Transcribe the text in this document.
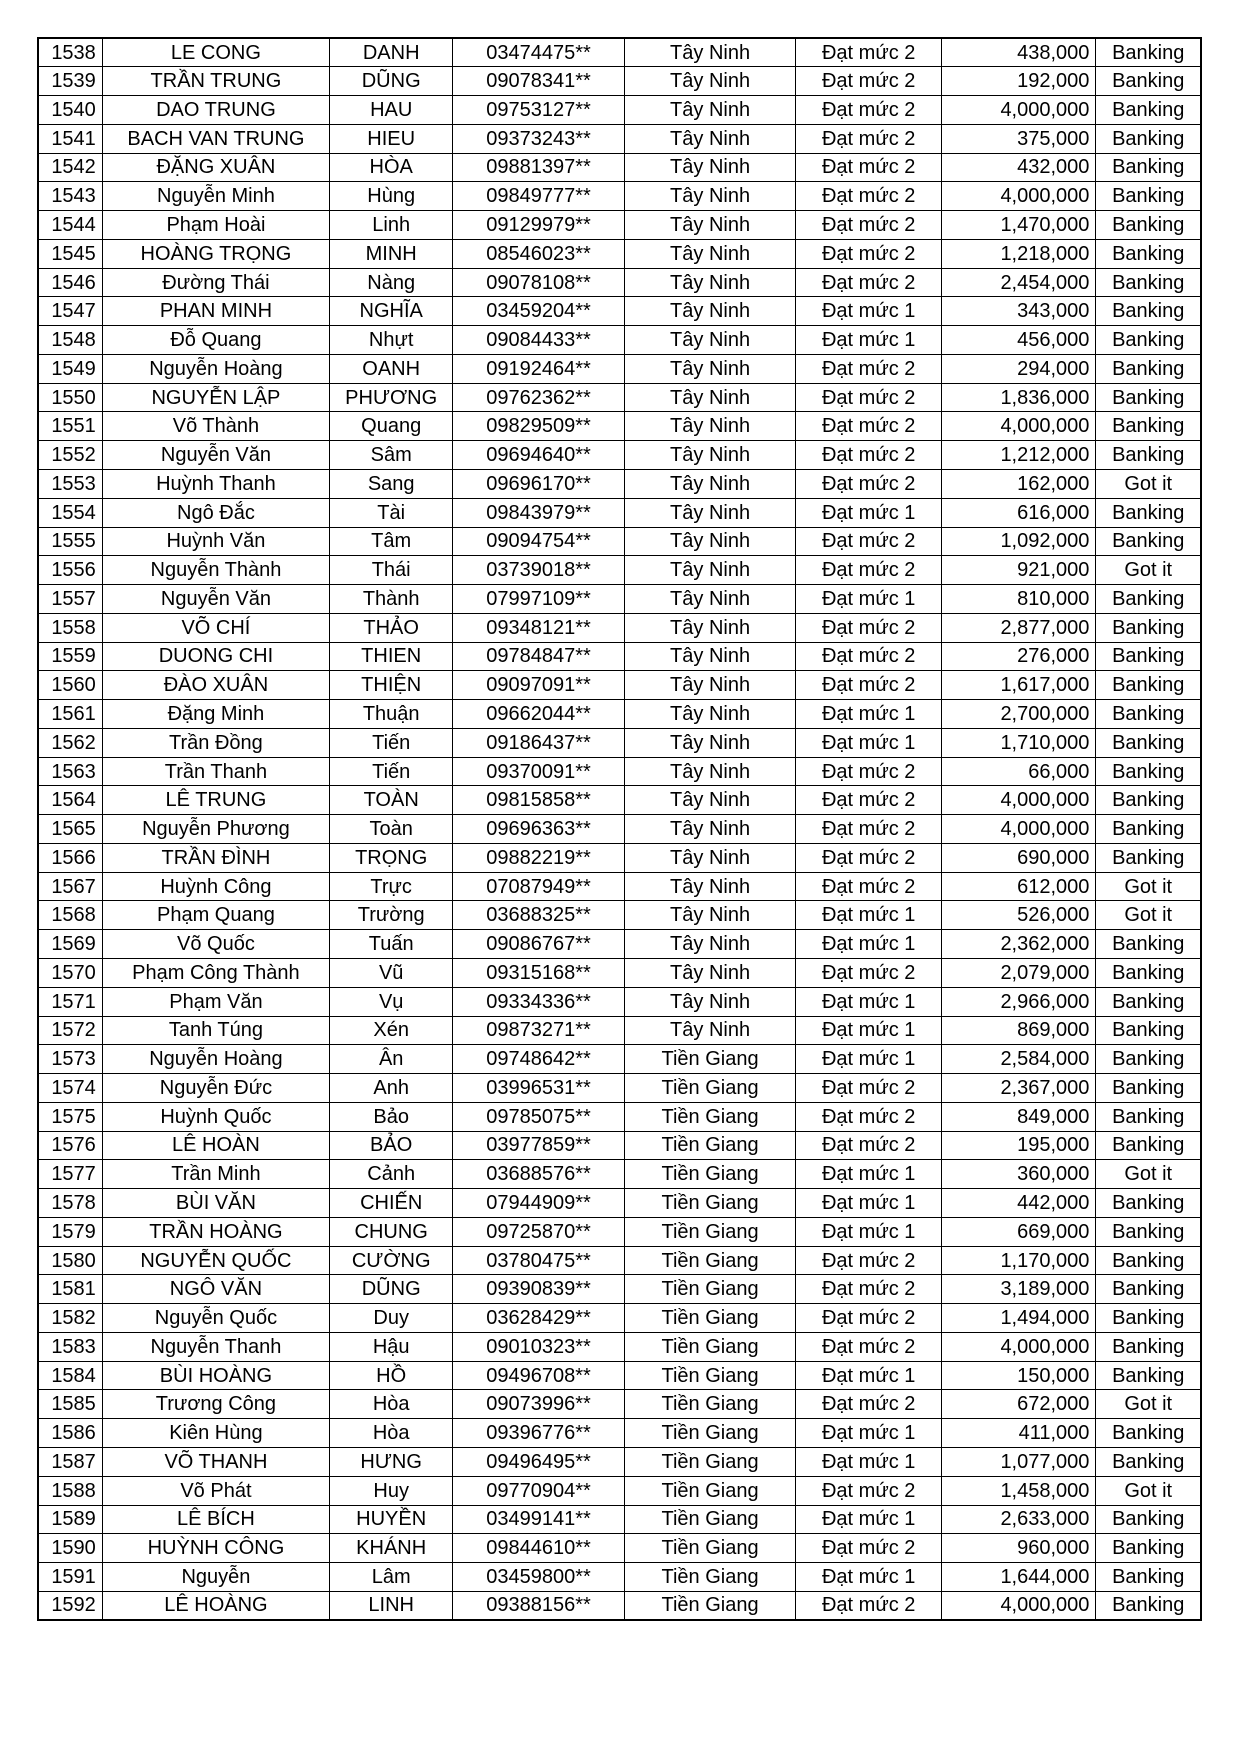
1538	LE CONG	DANH	03474475**	Tây Ninh	Đạt mức 2	438,000	Banking
1539	TRẦN TRUNG	DŨNG	09078341**	Tây Ninh	Đạt mức 2	192,000	Banking
1540	DAO TRUNG	HAU	09753127**	Tây Ninh	Đạt mức 2	4,000,000	Banking
1541	BACH VAN TRUNG	HIEU	09373243**	Tây Ninh	Đạt mức 2	375,000	Banking
1542	ĐẶNG XUÂN	HÒA	09881397**	Tây Ninh	Đạt mức 2	432,000	Banking
1543	Nguyễn Minh	Hùng	09849777**	Tây Ninh	Đạt mức 2	4,000,000	Banking
1544	Phạm Hoài	Linh	09129979**	Tây Ninh	Đạt mức 2	1,470,000	Banking
1545	HOÀNG TRỌNG	MINH	08546023**	Tây Ninh	Đạt mức 2	1,218,000	Banking
1546	Đường Thái	Nàng	09078108**	Tây Ninh	Đạt mức 2	2,454,000	Banking
1547	PHAN MINH	NGHĨA	03459204**	Tây Ninh	Đạt mức 1	343,000	Banking
1548	Đỗ Quang	Nhựt	09084433**	Tây Ninh	Đạt mức 1	456,000	Banking
1549	Nguyễn Hoàng	OANH	09192464**	Tây Ninh	Đạt mức 2	294,000	Banking
1550	NGUYỄN LẬP	PHƯƠNG	09762362**	Tây Ninh	Đạt mức 2	1,836,000	Banking
1551	Võ Thành	Quang	09829509**	Tây Ninh	Đạt mức 2	4,000,000	Banking
1552	Nguyễn Văn	Sâm	09694640**	Tây Ninh	Đạt mức 2	1,212,000	Banking
1553	Huỳnh Thanh	Sang	09696170**	Tây Ninh	Đạt mức 2	162,000	Got it
1554	Ngô Đắc	Tài	09843979**	Tây Ninh	Đạt mức 1	616,000	Banking
1555	Huỳnh Văn	Tâm	09094754**	Tây Ninh	Đạt mức 2	1,092,000	Banking
1556	Nguyễn Thành	Thái	03739018**	Tây Ninh	Đạt mức 2	921,000	Got it
1557	Nguyễn Văn	Thành	07997109**	Tây Ninh	Đạt mức 1	810,000	Banking
1558	VÕ CHÍ	THẢO	09348121**	Tây Ninh	Đạt mức 2	2,877,000	Banking
1559	DUONG CHI	THIEN	09784847**	Tây Ninh	Đạt mức 2	276,000	Banking
1560	ĐÀO XUÂN	THIỆN	09097091**	Tây Ninh	Đạt mức 2	1,617,000	Banking
1561	Đặng Minh	Thuận	09662044**	Tây Ninh	Đạt mức 1	2,700,000	Banking
1562	Trần Đồng	Tiến	09186437**	Tây Ninh	Đạt mức 1	1,710,000	Banking
1563	Trần Thanh	Tiến	09370091**	Tây Ninh	Đạt mức 2	66,000	Banking
1564	LÊ TRUNG	TOÀN	09815858**	Tây Ninh	Đạt mức 2	4,000,000	Banking
1565	Nguyễn Phương	Toàn	09696363**	Tây Ninh	Đạt mức 2	4,000,000	Banking
1566	TRẦN ĐÌNH	TRỌNG	09882219**	Tây Ninh	Đạt mức 2	690,000	Banking
1567	Huỳnh Công	Trực	07087949**	Tây Ninh	Đạt mức 2	612,000	Got it
1568	Phạm Quang	Trường	03688325**	Tây Ninh	Đạt mức 1	526,000	Got it
1569	Võ Quốc	Tuấn	09086767**	Tây Ninh	Đạt mức 1	2,362,000	Banking
1570	Phạm Công Thành	Vũ	09315168**	Tây Ninh	Đạt mức 2	2,079,000	Banking
1571	Phạm Văn	Vụ	09334336**	Tây Ninh	Đạt mức 1	2,966,000	Banking
1572	Tanh Túng	Xén	09873271**	Tây Ninh	Đạt mức 1	869,000	Banking
1573	Nguyễn Hoàng	Ân	09748642**	Tiền Giang	Đạt mức 1	2,584,000	Banking
1574	Nguyễn Đức	Anh	03996531**	Tiền Giang	Đạt mức 2	2,367,000	Banking
1575	Huỳnh Quốc	Bảo	09785075**	Tiền Giang	Đạt mức 2	849,000	Banking
1576	LÊ HOÀN	BẢO	03977859**	Tiền Giang	Đạt mức 2	195,000	Banking
1577	Trần Minh	Cảnh	03688576**	Tiền Giang	Đạt mức 1	360,000	Got it
1578	BÙI VĂN	CHIẾN	07944909**	Tiền Giang	Đạt mức 1	442,000	Banking
1579	TRẦN HOÀNG	CHUNG	09725870**	Tiền Giang	Đạt mức 1	669,000	Banking
1580	NGUYỄN QUỐC	CƯỜNG	03780475**	Tiền Giang	Đạt mức 2	1,170,000	Banking
1581	NGÔ VĂN	DŨNG	09390839**	Tiền Giang	Đạt mức 2	3,189,000	Banking
1582	Nguyễn Quốc	Duy	03628429**	Tiền Giang	Đạt mức 2	1,494,000	Banking
1583	Nguyễn Thanh	Hậu	09010323**	Tiền Giang	Đạt mức 2	4,000,000	Banking
1584	BÙI HOÀNG	HỒ	09496708**	Tiền Giang	Đạt mức 1	150,000	Banking
1585	Trương Công	Hòa	09073996**	Tiền Giang	Đạt mức 2	672,000	Got it
1586	Kiên Hùng	Hòa	09396776**	Tiền Giang	Đạt mức 1	411,000	Banking
1587	VÕ THANH	HƯNG	09496495**	Tiền Giang	Đạt mức 1	1,077,000	Banking
1588	Võ Phát	Huy	09770904**	Tiền Giang	Đạt mức 2	1,458,000	Got it
1589	LÊ BÍCH	HUYỀN	03499141**	Tiền Giang	Đạt mức 1	2,633,000	Banking
1590	HUỲNH CÔNG	KHÁNH	09844610**	Tiền Giang	Đạt mức 2	960,000	Banking
1591	Nguyễn	Lâm	03459800**	Tiền Giang	Đạt mức 1	1,644,000	Banking
1592	LÊ HOÀNG	LINH	09388156**	Tiền Giang	Đạt mức 2	4,000,000	Banking
